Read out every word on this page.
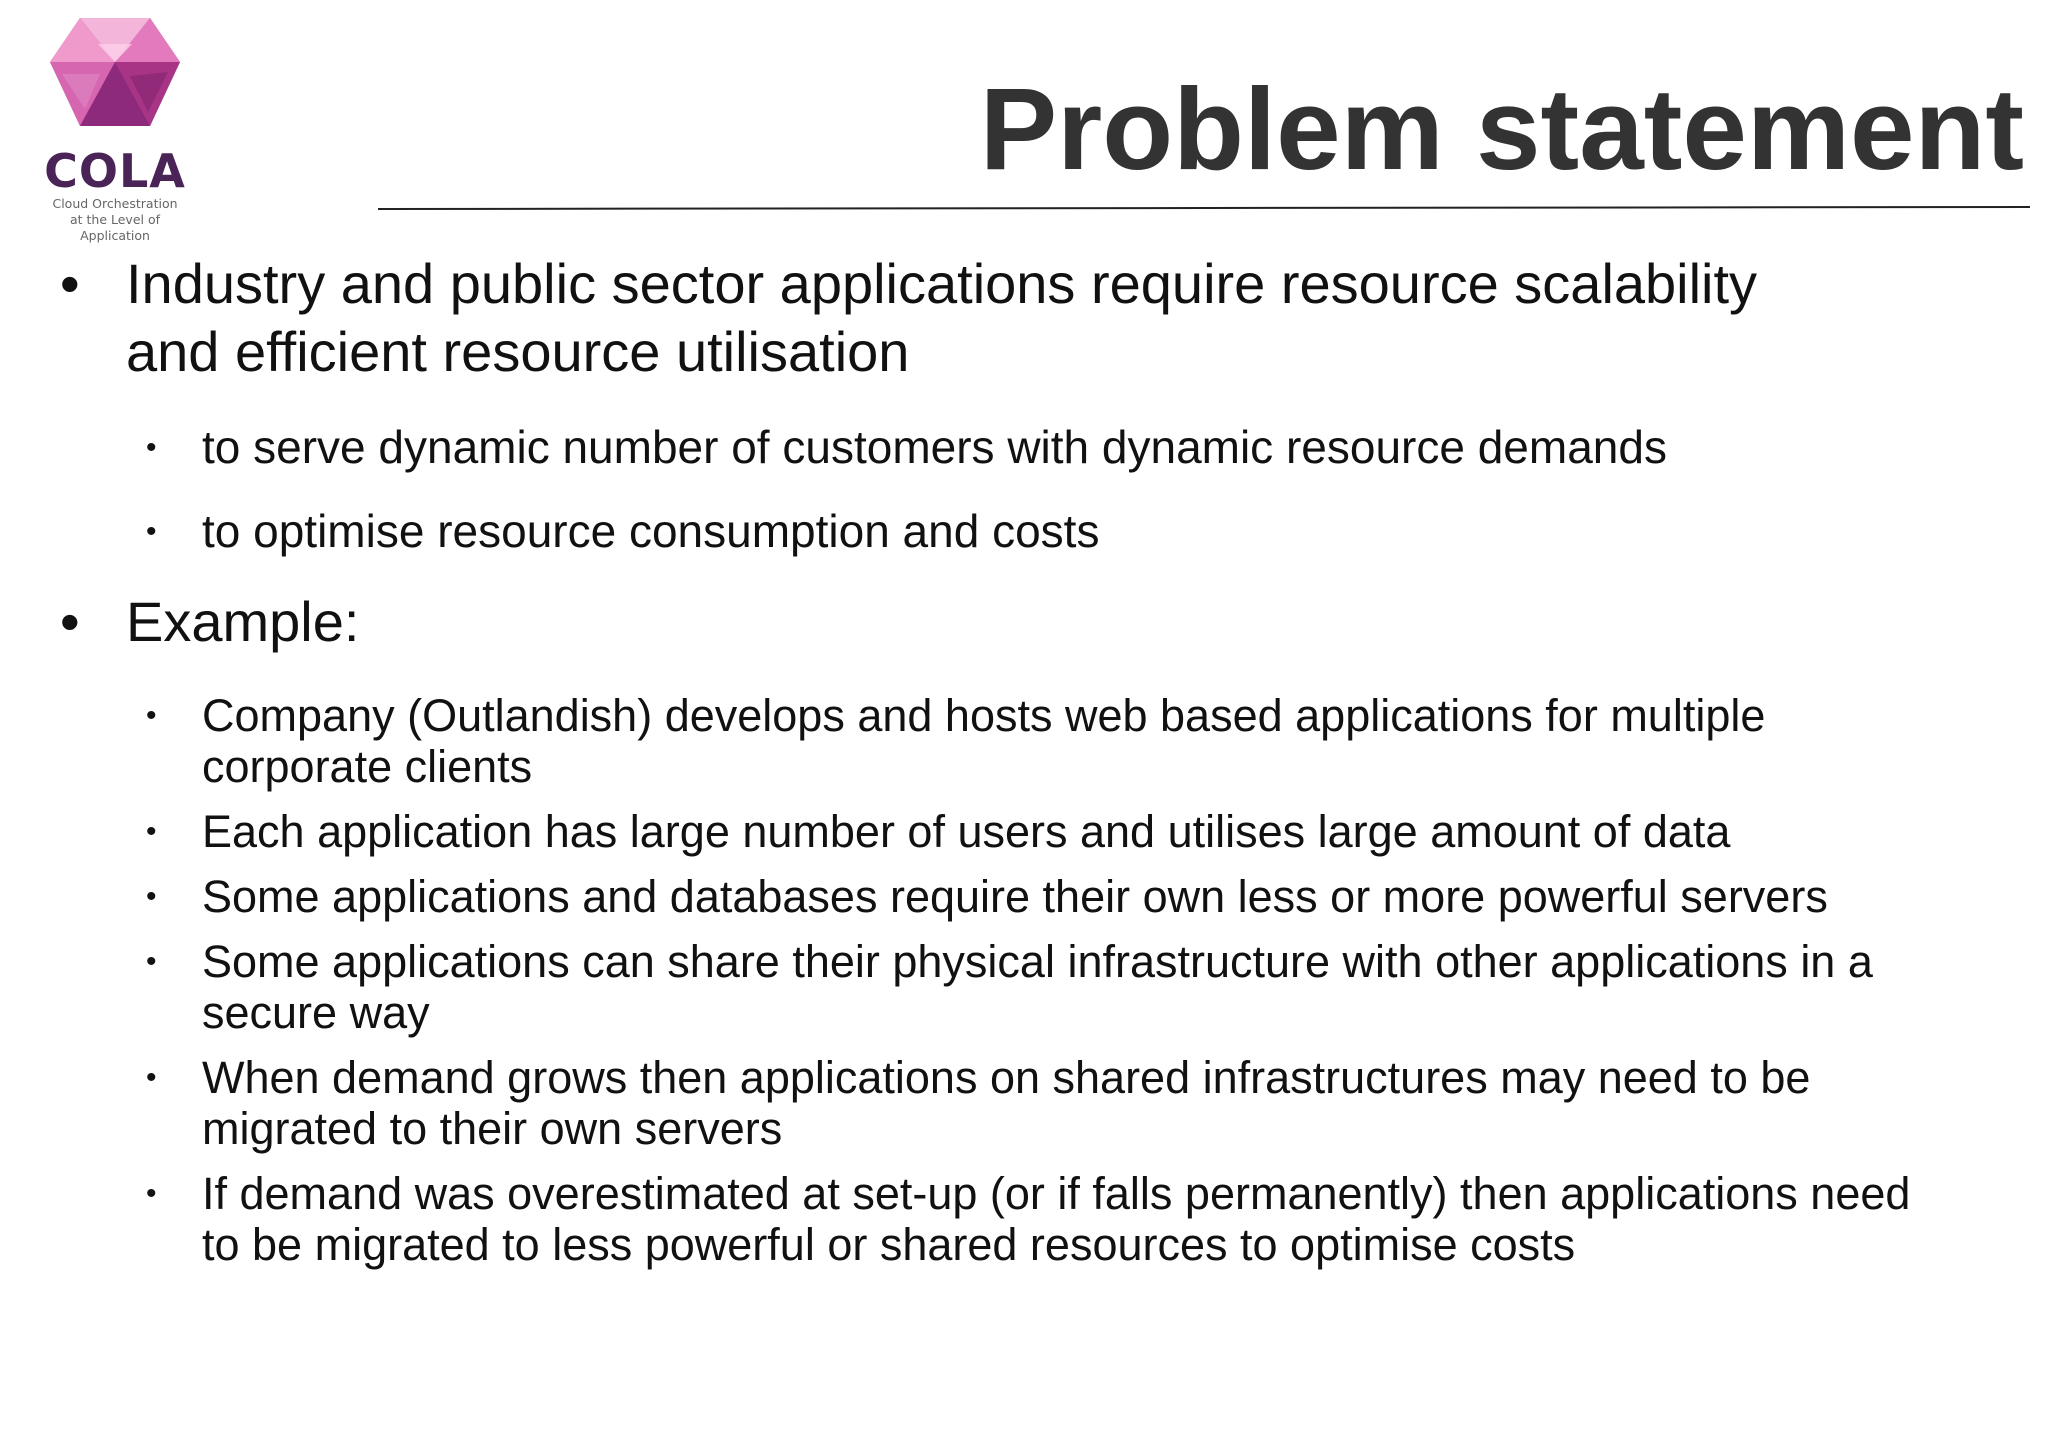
COLA
Cloud Orchestration
at the Level of Application
Problem statement
• Industry and public sector applications require resource scalability
and efficient resource utilisation
• to serve dynamic number of customers with dynamic resource demands
• to optimise resource consumption and costs
• Example:
• Company (Outlandish) develops and hosts web based applications for multiple
corporate clients
• Each application has large number of users and utilises large amount of data
• Some applications and databases require their own less or more powerful servers
• Some applications can share their physical infrastructure with other applications in a
secure way
• When demand grows then applications on shared infrastructures may need to be
migrated to their own servers
• If demand was overestimated at set-up (or if falls permanently) then applications need
to be migrated to less powerful or shared resources to optimise costs
